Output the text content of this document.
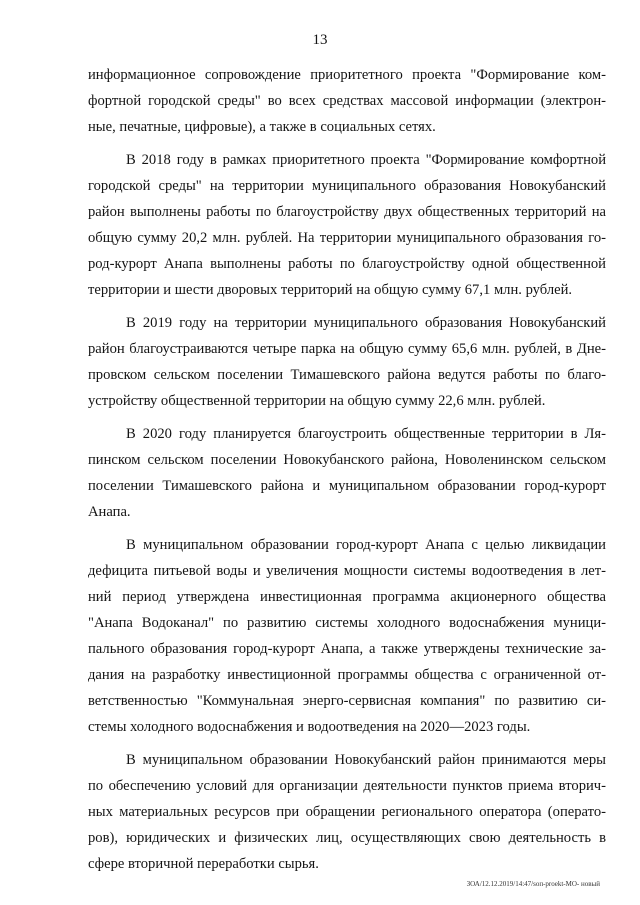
13
информационное сопровождение приоритетного проекта "Формирование ком-
фортной городской среды" во всех средствах массовой информации (электрон-
ные, печатные, цифровые), а также в социальных сетях.
В 2018 году в рамках приоритетного проекта "Формирование комфортной
городской среды" на территории муниципального образования Новокубанский
район выполнены работы по благоустройству двух общественных территорий на
общую сумму 20,2 млн. рублей. На территории муниципального образования го-
род-курорт Анапа выполнены работы по благоустройству одной общественной
территории и шести дворовых территорий на общую сумму 67,1 млн. рублей.
В 2019 году на территории муниципального образования Новокубанский
район благоустраиваются четыре парка на общую сумму 65,6 млн. рублей, в Дне-
провском сельском поселении Тимашевского района ведутся работы по благо-
устройству общественной территории на общую сумму 22,6 млн. рублей.
В 2020 году планируется благоустроить общественные территории в Ля-
пинском сельском поселении Новокубанского района, Новоленинском сельском
поселении Тимашевского района и муниципальном образовании город-курорт
Анапа.
В муниципальном образовании город-курорт Анапа с целью ликвидации
дефицита питьевой воды и увеличения мощности системы водоотведения в лет-
ний период утверждена инвестиционная программа акционерного общества
"Анапа Водоканал" по развитию системы холодного водоснабжения муници-
пального образования город-курорт Анапа, а также утверждены технические за-
дания на разработку инвестиционной программы общества с ограниченной от-
ветственностью "Коммунальная энерго-сервисная компания" по развитию си-
стемы холодного водоснабжения и водоотведения на 2020—2023 годы.
В муниципальном образовании Новокубанский район принимаются меры
по обеспечению условий для организации деятельности пунктов приема вторич-
ных материальных ресурсов при обращении регионального оператора (операто-
ров), юридических и физических лиц, осуществляющих свою деятельность в
сфере вторичной переработки сырья.
ЗОА/12.12.2019/14:47/soп-proekt-МО- новый
